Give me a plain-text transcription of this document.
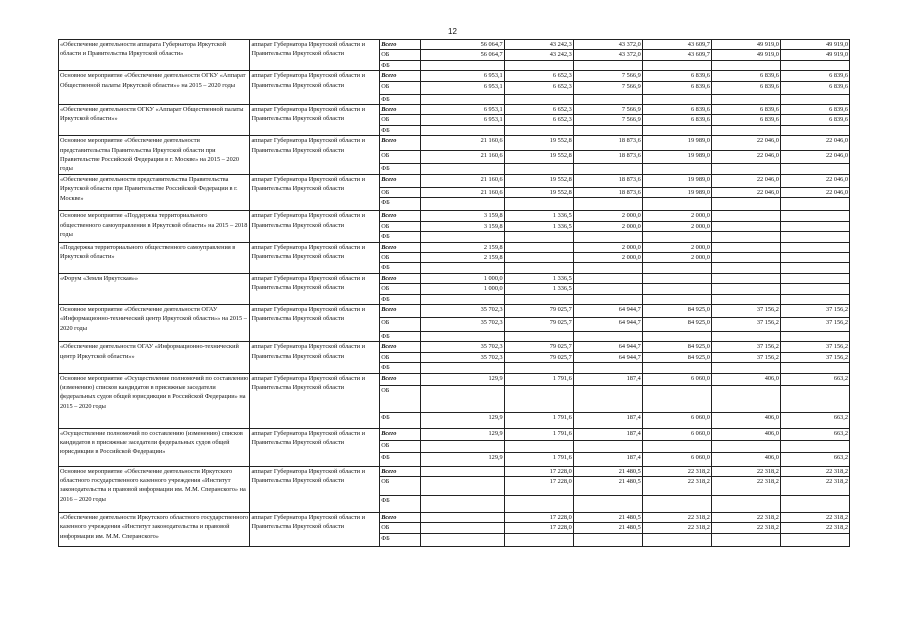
12
«Обеспечение деятельности аппарата Губернатора Иркутской области и Правительства Иркутской области»	аппарат Губернатора Иркутской области и Правительства Иркутской области	Всего	56 064,7	43 242,3	43 372,0	43 609,7	49 919,0	49 919,0
		ОБ	56 064,7	43 242,3	43 372,0	43 609,7	49 919,0	49 919,0
		ФБ						
Основное мероприятие «Обеспечение деятельности ОГКУ «Аппарат Общественной палаты Иркутской области»» на 2015 – 2020 годы	аппарат Губернатора Иркутской области и Правительства Иркутской области	Всего	6 953,1	6 652,3	7 566,9	6 839,6	6 839,6	6 839,6
		ОБ	6 953,1	6 652,3	7 566,9	6 839,6	6 839,6	6 839,6
		ФБ						
«Обеспечение деятельности ОГКУ «Аппарат Общественной палаты Иркутской области»»	аппарат Губернатора Иркутской области и Правительства Иркутской области	Всего	6 953,1	6 652,3	7 566,9	6 839,6	6 839,6	6 839,6
		ОБ	6 953,1	6 652,3	7 566,9	6 839,6	6 839,6	6 839,6
		ФБ						
Основное мероприятие «Обеспечение деятельности представительства Правительства Иркутской области при Правительстве Российской Федерации в г. Москве» на 2015 – 2020 годы	аппарат Губернатора Иркутской области и Правительства Иркутской области	Всего	21 160,6	19 552,8	18 873,6	19 989,0	22 046,0	22 046,0
		ОБ	21 160,6	19 552,8	18 873,6	19 989,0	22 046,0	22 046,0
		ФБ						
«Обеспечение деятельности представительства Правительства Иркутской области при Правительстве Российской Федерации в г. Москве»	аппарат Губернатора Иркутской области и Правительства Иркутской области	Всего	21 160,6	19 552,8	18 873,6	19 989,0	22 046,0	22 046,0
		ОБ	21 160,6	19 552,8	18 873,6	19 989,0	22 046,0	22 046,0
		ФБ						
Основное мероприятие «Поддержка территориального общественного самоуправления в Иркутской области» на 2015 – 2018 годы	аппарат Губернатора Иркутской области и Правительства Иркутской области	Всего	3 159,8	1 336,5	2 000,0	2 000,0		
		ОБ	3 159,8	1 336,5	2 000,0	2 000,0		
		ФБ						
«Поддержка территориального общественного самоуправления в Иркутской области»	аппарат Губернатора Иркутской области и Правительства Иркутской области	Всего	2 159,8		2 000,0	2 000,0		
		ОБ	2 159,8		2 000,0	2 000,0		
		ФБ						
«Форум «Земля Иркутская»»	аппарат Губернатора Иркутской области и Правительства Иркутской области	Всего	1 000,0	1 336,5				
		ОБ	1 000,0	1 336,5				
		ФБ						
Основное мероприятие «Обеспечение деятельности ОГАУ «Информационно-технический центр Иркутской области»» на 2015 – 2020 годы	аппарат Губернатора Иркутской области и Правительства Иркутской области	Всего	35 702,3	79 025,7	64 944,7	84 925,0	37 156,2	37 156,2
		ОБ	35 702,3	79 025,7	64 944,7	84 925,0	37 156,2	37 156,2
		ФБ						
«Обеспечение деятельности ОГАУ «Информационно-технический центр Иркутской области»»	аппарат Губернатора Иркутской области и Правительства Иркутской области	Всего	35 702,3	79 025,7	64 944,7	84 925,0	37 156,2	37 156,2
		ОБ	35 702,3	79 025,7	64 944,7	84 925,0	37 156,2	37 156,2
		ФБ						
Основное мероприятие «Осуществление полномочий по составлению (изменению) списков кандидатов в присяжные заседатели федеральных судов общей юрисдикции в Российской Федерации» на 2015 – 2020 годы	аппарат Губернатора Иркутской области и Правительства Иркутской области	Всего	129,9	1 791,6	187,4	6 060,0	406,0	663,2
		ОБ						
		ФБ	129,9	1 791,6	187,4	6 060,0	406,0	663,2
«Осуществление полномочий по составлению (изменению) списков кандидатов в присяжные заседатели федеральных судов общей юрисдикции в Российской Федерации»	аппарат Губернатора Иркутской области и Правительства Иркутской области	Всего	129,9	1 791,6	187,4	6 060,0	406,0	663,2
		ОБ						
		ФБ	129,9	1 791,6	187,4	6 060,0	406,0	663,2
Основное мероприятие «Обеспечение деятельности Иркутского областного государственного казенного учреждения «Институт законодательства и правовой информации им. М.М. Сперанского» на 2016 – 2020 годы	аппарат Губернатора Иркутской области и Правительства Иркутской области	Всего		17 228,0	21 480,5	22 318,2	22 318,2	22 318,2
		ОБ		17 228,0	21 480,5	22 318,2	22 318,2	22 318,2
		ФБ						
«Обеспечение деятельности Иркутского областного государственного казенного учреждения «Институт законодательства и правовой информации им. М.М. Сперанского»	аппарат Губернатора Иркутской области и Правительства Иркутской области	Всего		17 228,0	21 480,5	22 318,2	22 318,2	22 318,2
		ОБ		17 228,0	21 480,5	22 318,2	22 318,2	22 318,2
		ФБ						
